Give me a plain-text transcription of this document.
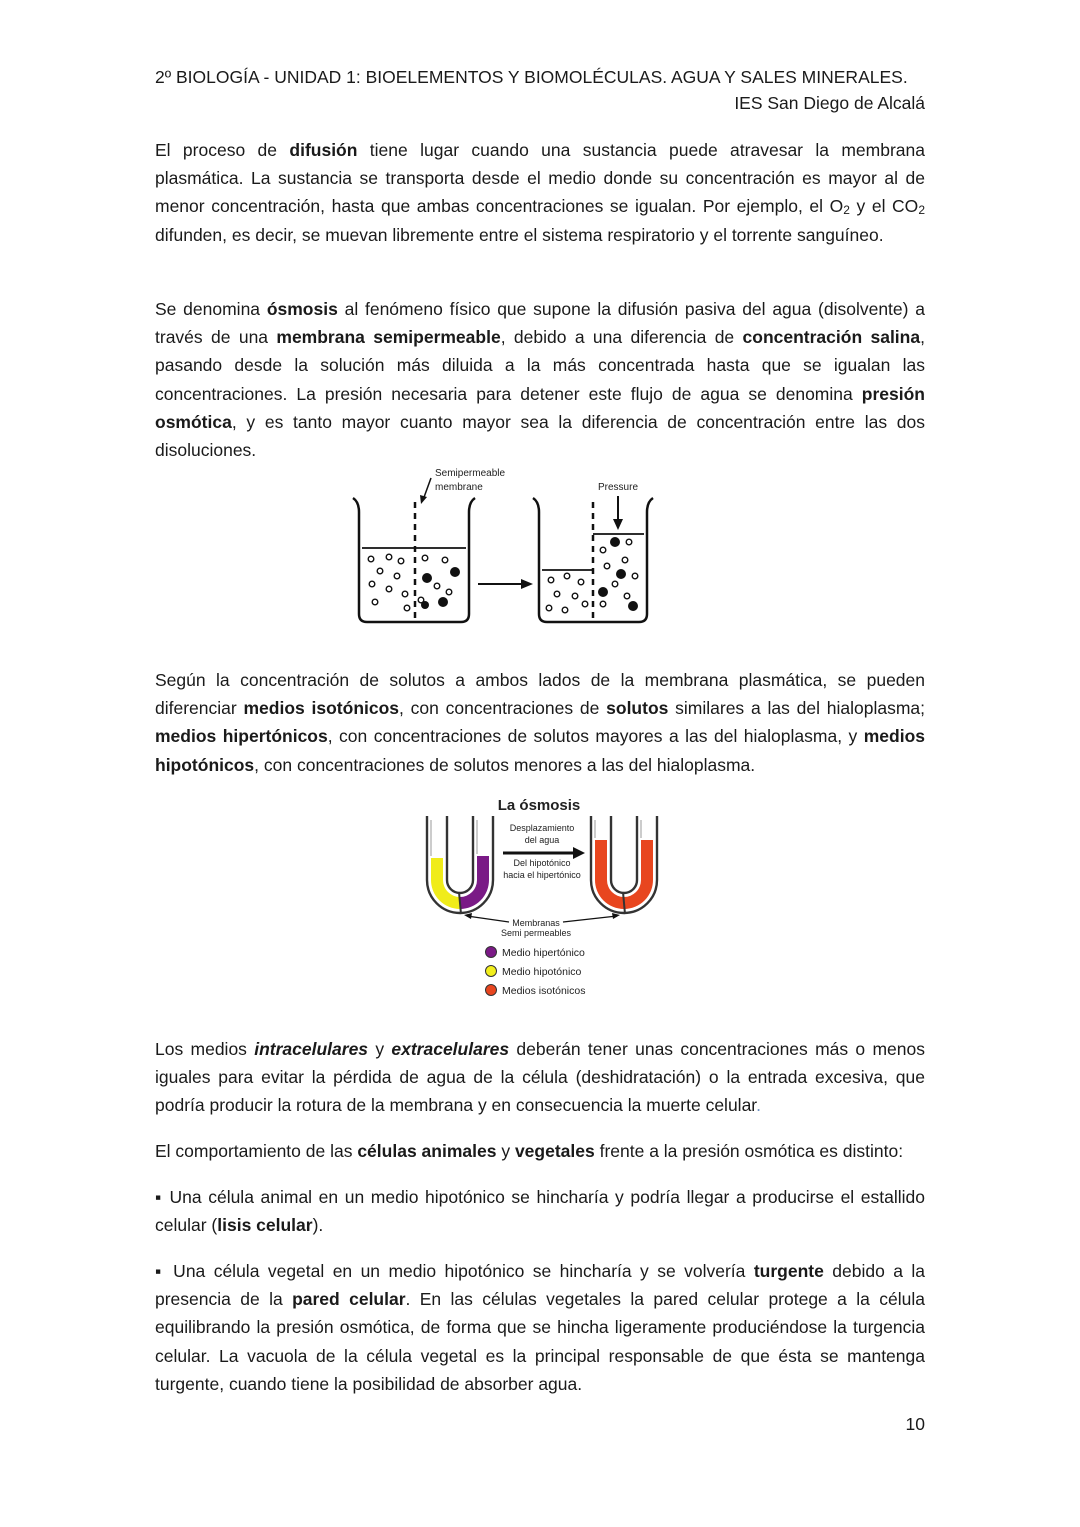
2º BIOLOGÍA - UNIDAD 1: BIOELEMENTOS Y BIOMOLÉCULAS. AGUA Y SALES MINERALES.
IES San Diego de Alcalá
El proceso de difusión tiene lugar cuando una sustancia puede atravesar la membrana plasmática. La sustancia se transporta desde el medio donde su concentración es mayor al de menor concentración, hasta que ambas concentraciones se igualan. Por ejemplo, el $O_2$ y el $CO_2$ difunden, es decir, se muevan libremente entre el sistema respiratorio y el torrente sanguíneo.
Se denomina ósmosis al fenómeno físico que supone la difusión pasiva del agua (disolvente) a través de una membrana semipermeable, debido a una diferencia de concentración salina, pasando desde la solución más diluida a la más concentrada hasta que se igualan las concentraciones. La presión necesaria para detener este flujo de agua se denomina presión osmótica, y es tanto mayor cuanto mayor sea la diferencia de concentración entre las dos disoluciones.
Semipermeable
membrane	Pressure
Según la concentración de solutos a ambos lados de la membrana plasmática, se pueden diferenciar medios isotónicos, con concentraciones de solutos similares a las del hialoplasma; medios hipertónicos, con concentraciones de solutos mayores a las del hialoplasma, y medios hipotónicos, con concentraciones de solutos menores a las del hialoplasma.
La ósmosis
Desplazamiento
del agua
Del hipotónico
hacia el hipertónico
Membranas
Semi permeables
Medio hipertónico
Medio hipotónico
Medios isotónicos
Los medios intracelulares y extracelulares deberán tener unas concentraciones más o menos iguales para evitar la pérdida de agua de la célula (deshidratación) o la entrada excesiva, que podría producir la rotura de la membrana y en consecuencia la muerte celular.
El comportamiento de las células animales y vegetales frente a la presión osmótica es distinto:
▪ Una célula animal en un medio hipotónico se hincharía y podría llegar a producirse el estallido celular (lisis celular).
▪ Una célula vegetal en un medio hipotónico se hincharía y se volvería turgente debido a la presencia de la pared celular. En las células vegetales la pared celular protege a la célula equilibrando la presión osmótica, de forma que se hincha ligeramente produciéndose la turgencia celular. La vacuola de la célula vegetal es la principal responsable de que ésta se mantenga turgente, cuando tiene la posibilidad de absorber agua.
10
